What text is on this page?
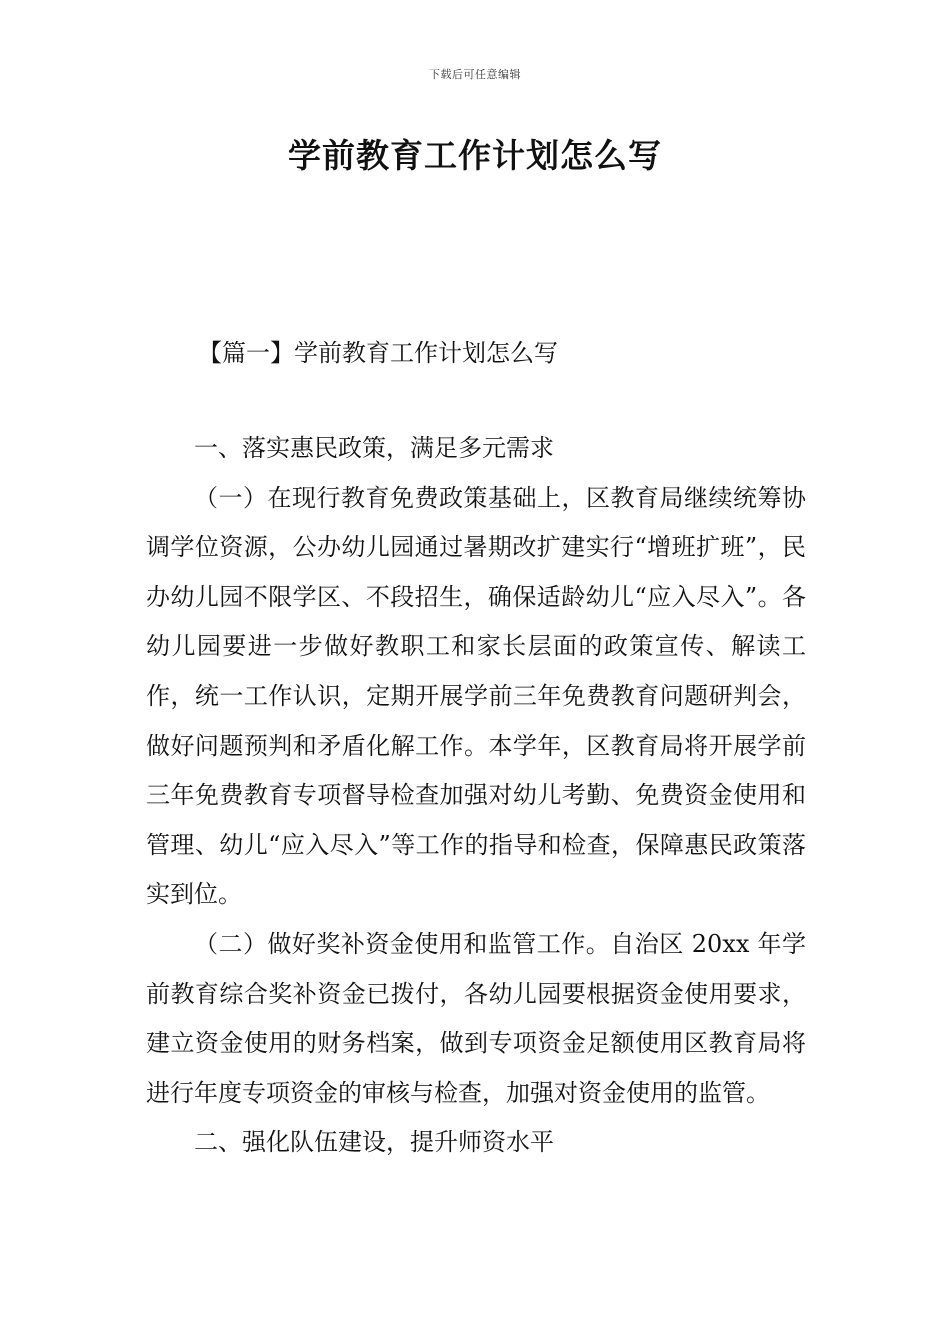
下载后可任意编辑
学前教育工作计划怎么写
【篇一】学前教育工作计划怎么写

一、落实惠民政策，满足多元需求

（一）在现行教育免费政策基础上，区教育局继续统筹协调学位资源，公办幼儿园通过暑期改扩建实行“增班扩班”，民办幼儿园不限学区、不段招生，确保适龄幼儿“应入尽入”。各幼儿园要进一步做好教职工和家长层面的政策宣传、解读工作，统一工作认识，定期开展学前三年免费教育问题研判会，做好问题预判和矛盾化解工作。本学年，区教育局将开展学前三年免费教育专项督导检查加强对幼儿考勤、免费资金使用和管理、幼儿“应入尽入”等工作的指导和检查，保障惠民政策落实到位。

（二）做好奖补资金使用和监管工作。自治区 20xx 年学前教育综合奖补资金已拨付，各幼儿园要根据资金使用要求，建立资金使用的财务档案，做到专项资金足额使用区教育局将进行年度专项资金的审核与检查，加强对资金使用的监管。

二、强化队伍建设，提升师资水平
